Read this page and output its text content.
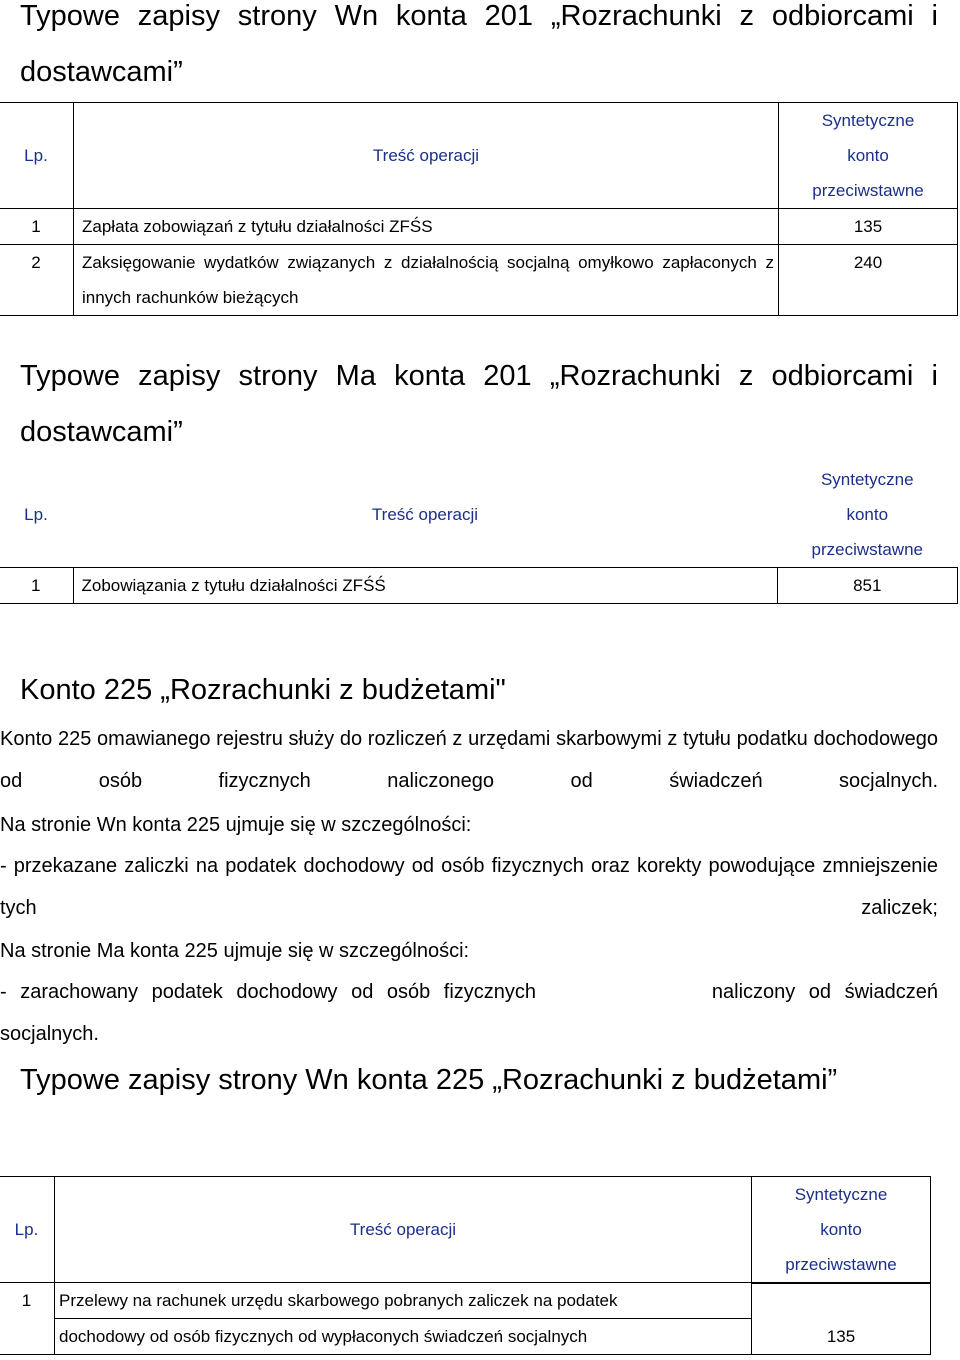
Typowe zapisy strony Wn konta 201 „Rozrachunki z odbiorcami i dostawcami”
Lp.	Treść operacji	Syntetyczne
konto
przeciwstawne

1	Zapłata zobowiązań z tytułu działalności ZFŚS	135
2	Zaksięgowanie wydatków związanych z działalnością socjalną omyłkowo zapłaconych z innych rachunków bieżących	240
Typowe zapisy strony Ma konta 201 „Rozrachunki z odbiorcami i dostawcami”
Lp.	Treść operacji	Syntetyczne
konto
przeciwstawne

1	Zobowiązania z tytułu działalności ZFŚŚ	851
Konto 225 „Rozrachunki z budżetami"

Konto 225 omawianego rejestru służy do rozliczeń z urzędami skarbowymi z tytułu podatku dochodowego od osób fizycznych naliczonego od świadczeń socjalnych.

Na stronie Wn konta 225 ujmuje się w szczególności:

- przekazane zaliczki na podatek dochodowy od osób fizycznych oraz korekty powodujące zmniejszenie tych zaliczek;

Na stronie Ma konta 225 ujmuje się w szczególności:

- zarachowany podatek dochodowy od osób fizycznych	naliczony od świadczeń

socjalnych.

Typowe zapisy strony Wn konta 225 „Rozrachunki z budżetami”
Lp.	Treść operacji	Syntetyczne
konto
przeciwstawne

1	Przelewy na rachunek urzędu skarbowego pobranych zaliczek na podatek
dochodowy od osób fizycznych od wypłaconych świadczeń socjalnych	135
